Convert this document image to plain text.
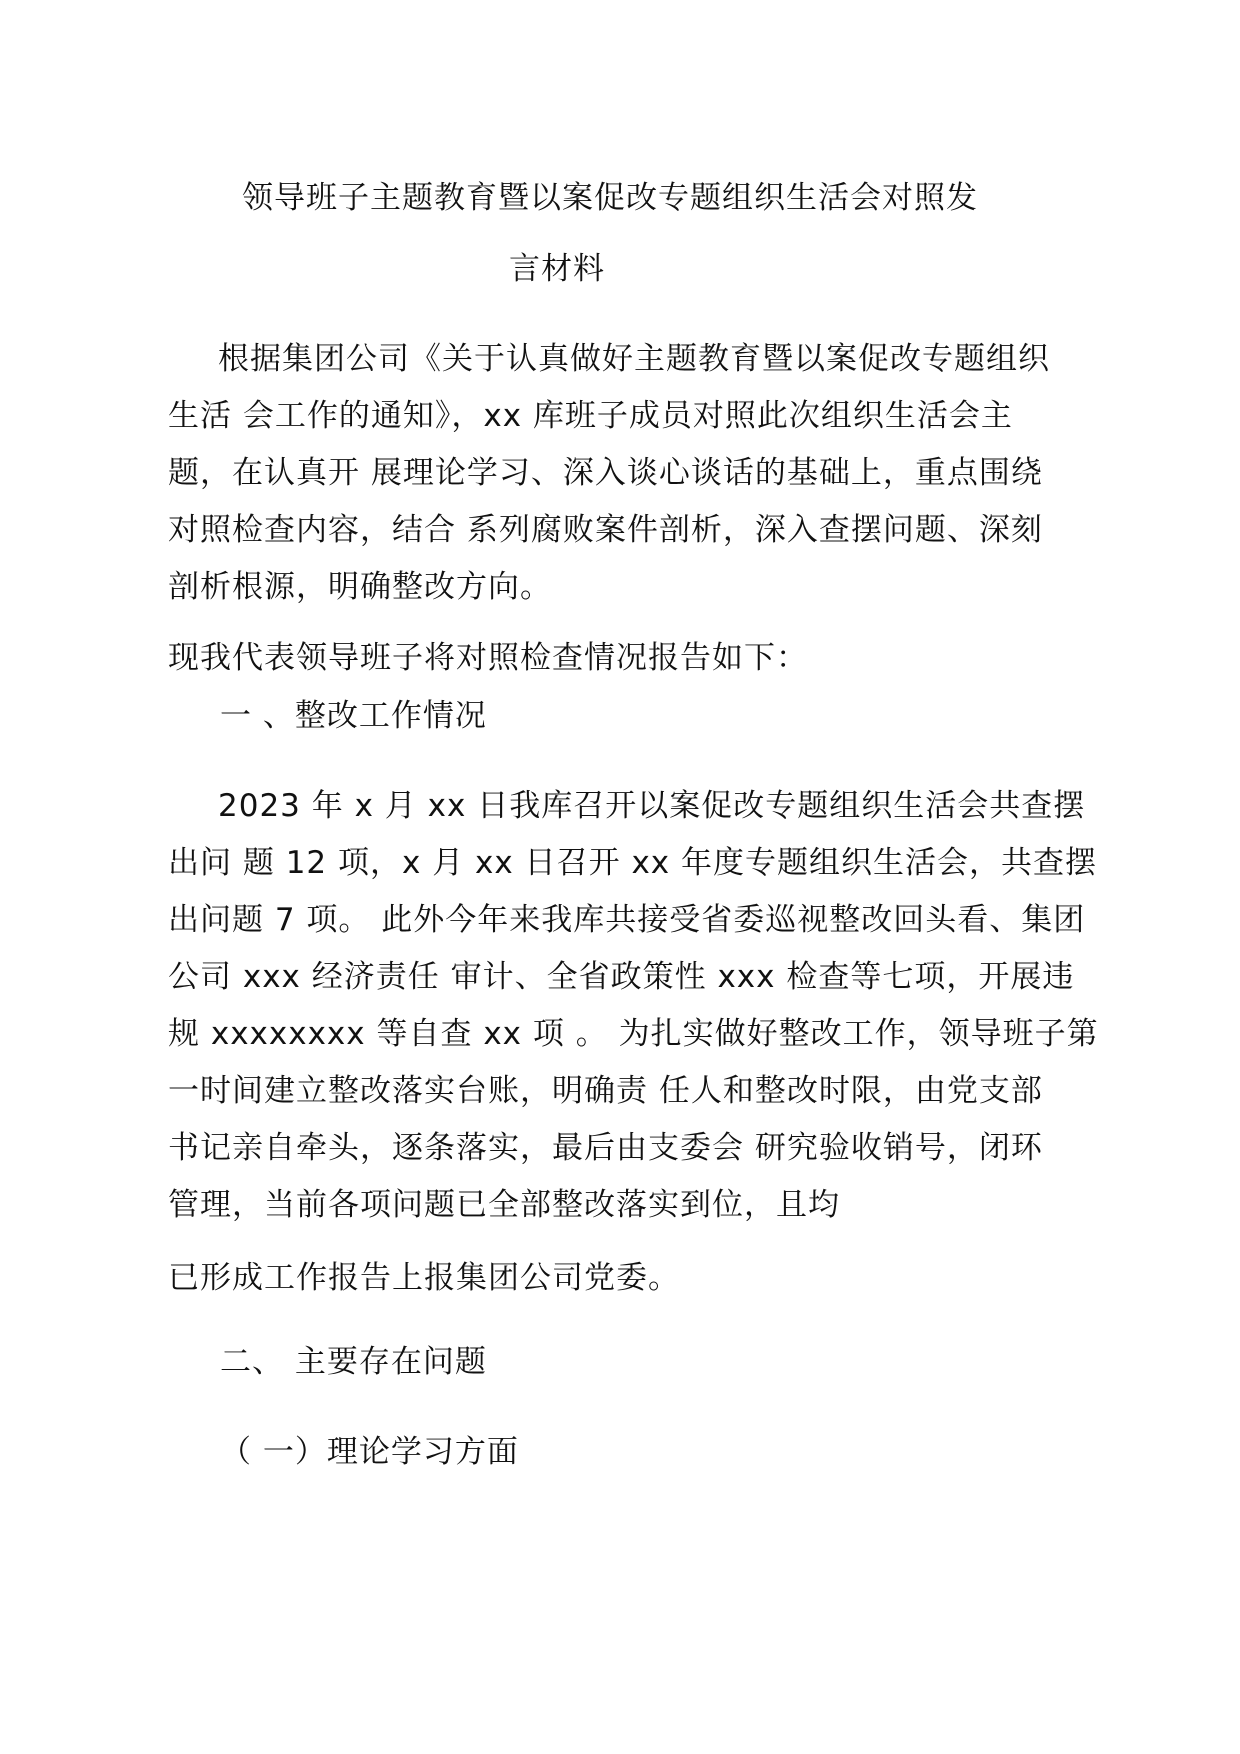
领导班子主题教育暨以案促改专题组织生活会对照发
言材料
根据集团公司《关于认真做好主题教育暨以案促改专题组织
生活 会工作的通知》，xx 库班子成员对照此次组织生活会主
题，在认真开 展理论学习、深入谈心谈话的基础上，重点围绕
对照检查内容，结合 系列腐败案件剖析，深入查摆问题、深刻
剖析根源，明确整改方向。
现我代表领导班子将对照检查情况报告如下：
一 、整改工作情况
2023 年 x 月 xx 日我库召开以案促改专题组织生活会共查摆
出问 题 12 项，x 月 xx 日召开 xx 年度专题组织生活会，共查摆
出问题 7 项。 此外今年来我库共接受省委巡视整改回头看、集团
公司 xxx 经济责任 审计、全省政策性 xxx 检查等七项，开展违
规 xxxxxxxx 等自查 xx 项 。 为扎实做好整改工作，领导班子第
一时间建立整改落实台账，明确责 任人和整改时限，由党支部
书记亲自牵头，逐条落实，最后由支委会 研究验收销号，闭环
管理，当前各项问题已全部整改落实到位，且均
已形成工作报告上报集团公司党委。
二、 主要存在问题
（ 一）理论学习方面
